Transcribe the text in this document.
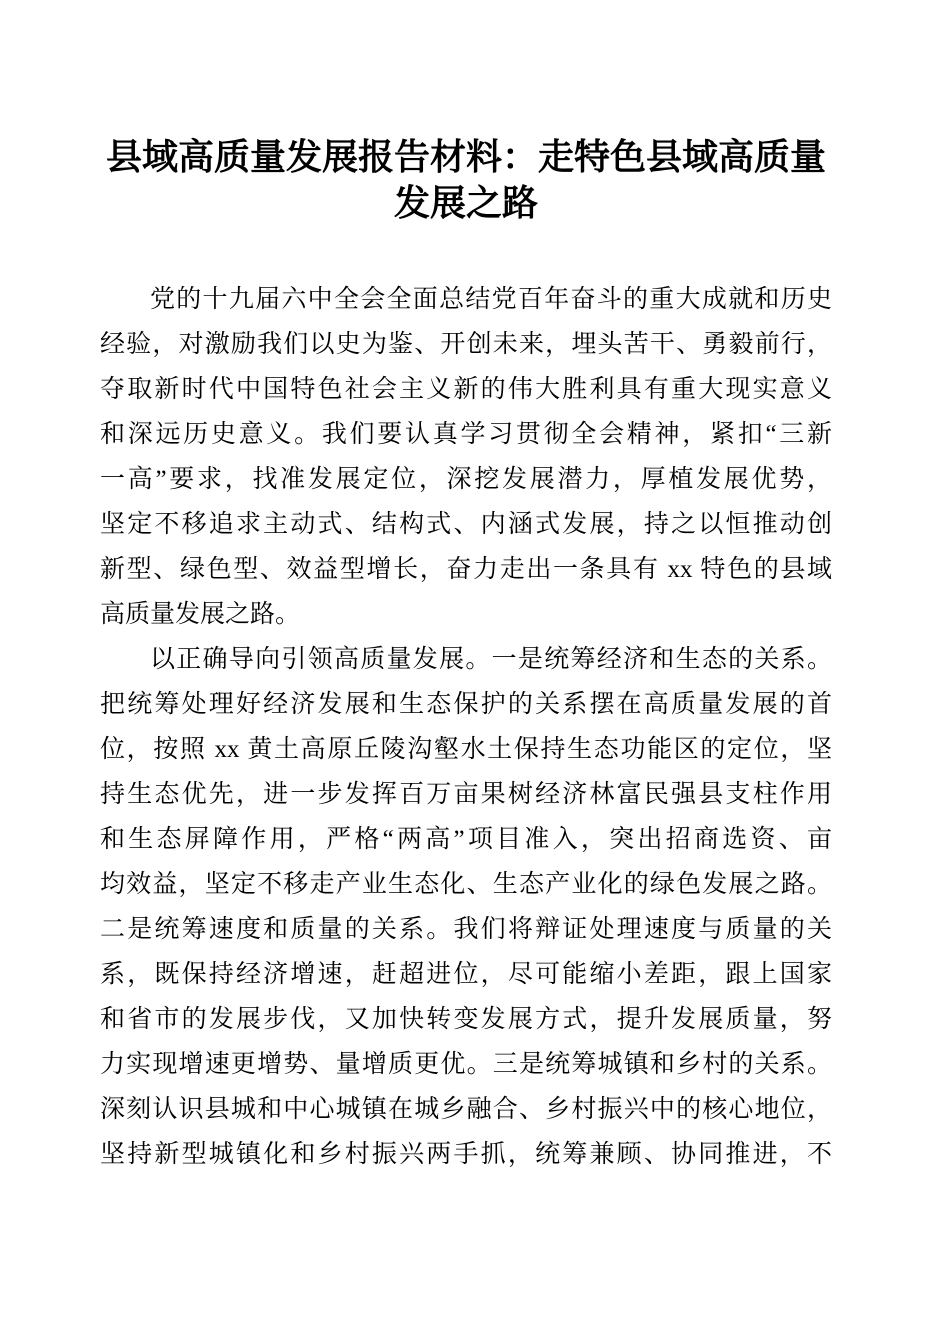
县域高质量发展报告材料：走特色县域高质量
发展之路
党的十九届六中全会全面总结党百年奋斗的重大成就和历史
经验，对激励我们以史为鉴、开创未来，埋头苦干、勇毅前行，
夺取新时代中国特色社会主义新的伟大胜利具有重大现实意义
和深远历史意义。我们要认真学习贯彻全会精神，紧扣“三新
一高”要求，找准发展定位，深挖发展潜力，厚植发展优势，
坚定不移追求主动式、结构式、内涵式发展，持之以恒推动创
新型、绿色型、效益型增长，奋力走出一条具有 xx 特色的县域
高质量发展之路。
以正确导向引领高质量发展。一是统筹经济和生态的关系。
把统筹处理好经济发展和生态保护的关系摆在高质量发展的首
位，按照 xx 黄土高原丘陵沟壑水土保持生态功能区的定位，坚
持生态优先，进一步发挥百万亩果树经济林富民强县支柱作用
和生态屏障作用，严格“两高”项目准入，突出招商选资、亩
均效益，坚定不移走产业生态化、生态产业化的绿色发展之路。
二是统筹速度和质量的关系。我们将辩证处理速度与质量的关
系，既保持经济增速，赶超进位，尽可能缩小差距，跟上国家
和省市的发展步伐，又加快转变发展方式，提升发展质量，努
力实现增速更增势、量增质更优。三是统筹城镇和乡村的关系。
深刻认识县城和中心城镇在城乡融合、乡村振兴中的核心地位，
坚持新型城镇化和乡村振兴两手抓，统筹兼顾、协同推进，不
